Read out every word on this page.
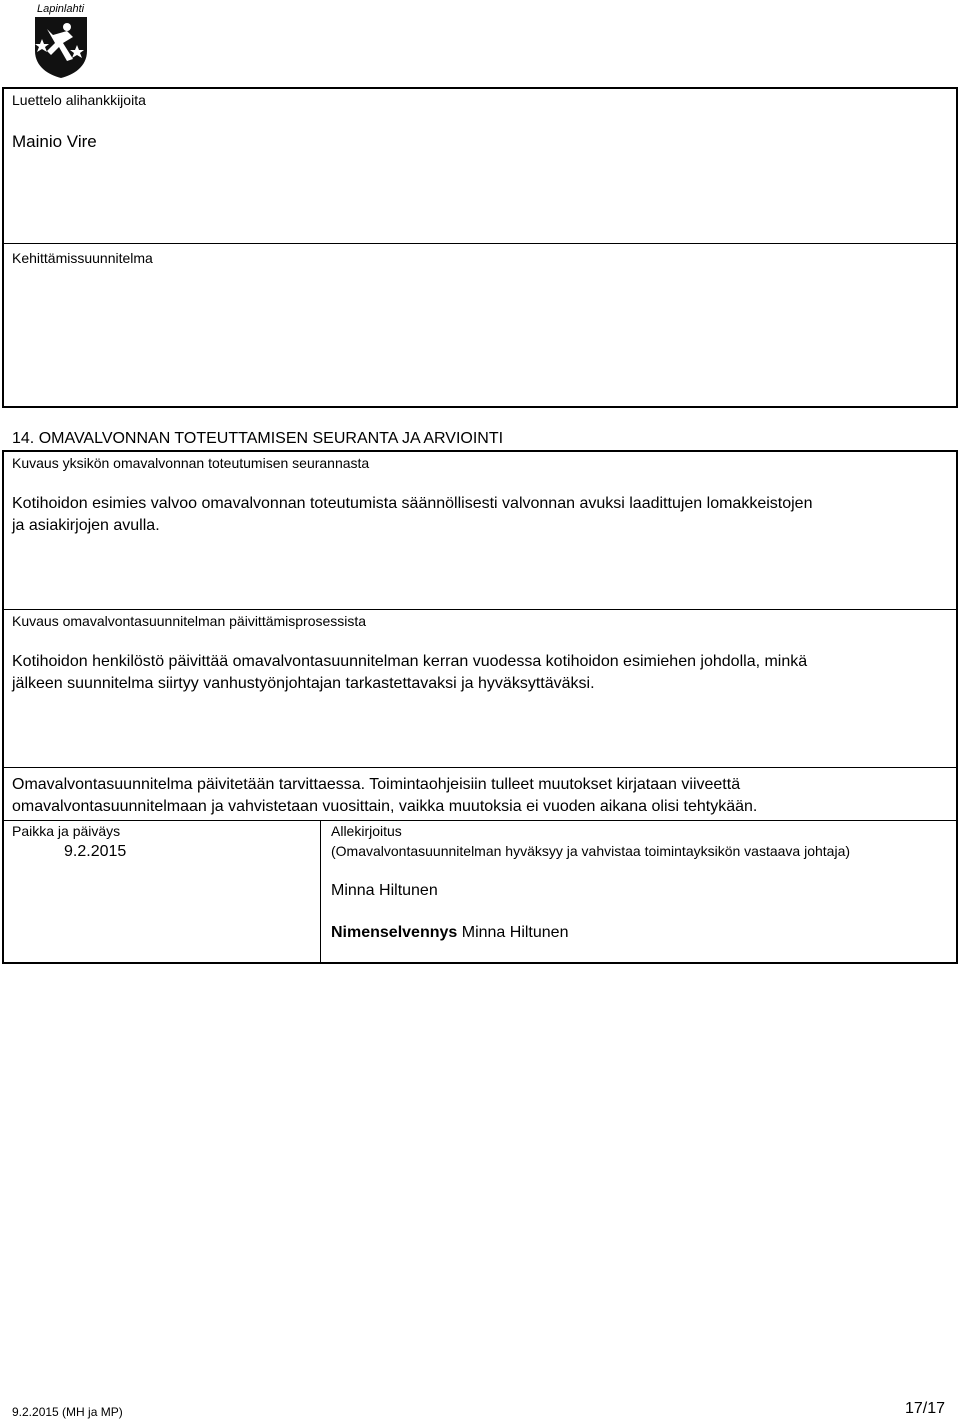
Lapinlahti
Luettelo alihankkijoita
Mainio Vire
Kehittämissuunnitelma
14. OMAVALVONNAN TOTEUTTAMISEN SEURANTA JA ARVIOINTI
Kuvaus yksikön omavalvonnan toteutumisen seurannasta
Kotihoidon esimies valvoo omavalvonnan toteutumista säännöllisesti valvonnan avuksi laadittujen lomakkeistojen
ja asiakirjojen avulla.
Kuvaus omavalvontasuunnitelman päivittämisprosessista
Kotihoidon henkilöstö päivittää omavalvontasuunnitelman kerran vuodessa kotihoidon esimiehen johdolla, minkä
jälkeen suunnitelma siirtyy vanhustyönjohtajan tarkastettavaksi ja hyväksyttäväksi.
Omavalvontasuunnitelma päivitetään tarvittaessa. Toimintaohjeisiin tulleet muutokset kirjataan viiveettä
omavalvontasuunnitelmaan ja vahvistetaan vuosittain, vaikka muutoksia ei vuoden aikana olisi tehtykään.
Paikka ja päiväys
9.2.2015
Allekirjoitus
(Omavalvontasuunnitelman hyväksyy ja vahvistaa toimintayksikön vastaava johtaja)
Minna Hiltunen
Nimenselvennys Minna Hiltunen
9.2.2015 (MH ja MP)	17/17
